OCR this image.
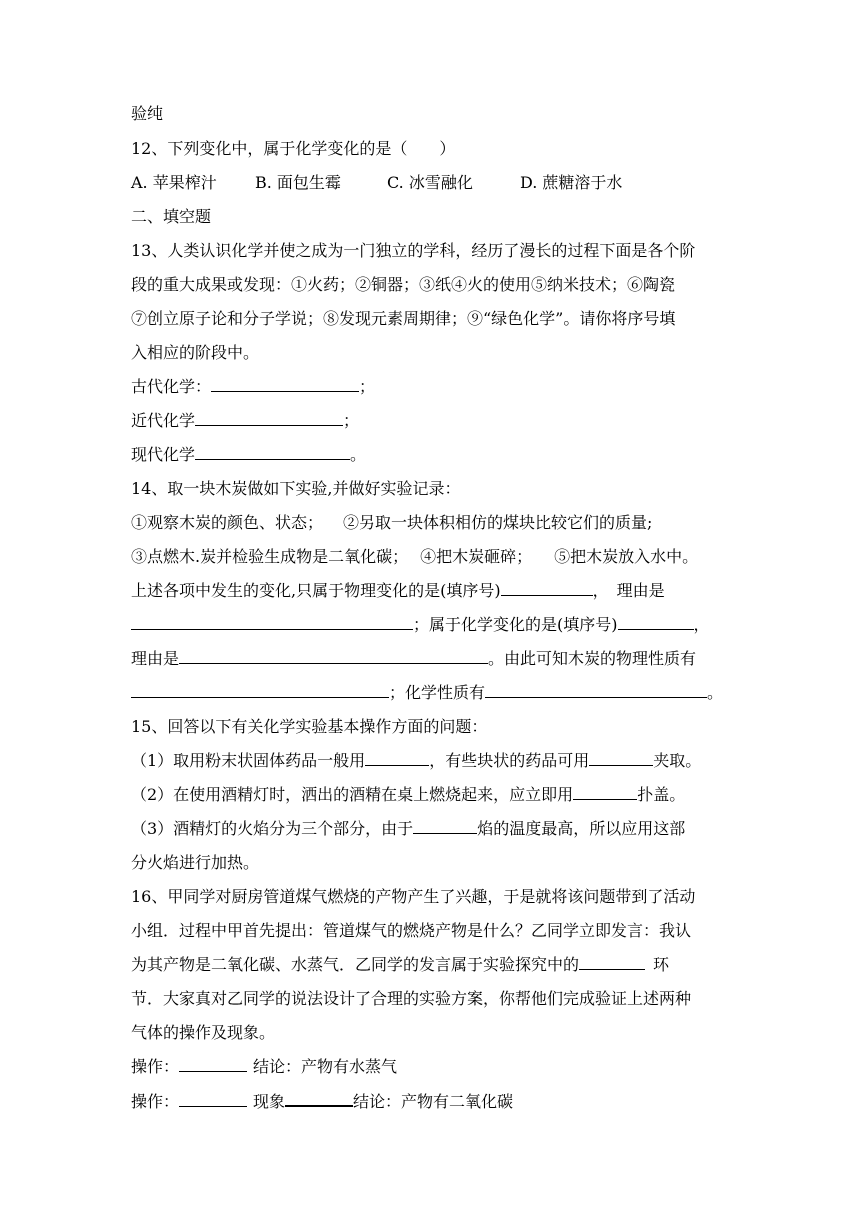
验纯
12、下列变化中，属于化学变化的是（　　）
A. 苹果榨汁 B. 面包生霉	C. 冰雪融化	D. 蔗糖溶于水
二、填空题
13、人类认识化学并使之成为一门独立的学科，经历了漫长的过程下面是各个阶
段的重大成果或发现：①火药；②铜器；③纸④火的使用⑤纳米技术；⑥陶瓷
⑦创立原子论和分子学说；⑧发现元素周期律；⑨“绿色化学”。请你将序号填
入相应的阶段中。
古代化学：	；
近代化学	；
现代化学	。
14、取一块木炭做如下实验,并做好实验记录：
①观察木炭的颜色、状态； ②另取一块体积相仿的煤块比较它们的质量;
③点燃木.炭并检验生成物是二氧化碳； ④把木炭砸碎； ⑤把木炭放入水中。
上述各项中发生的变化,只属于物理变化的是(填序号)	，　理由是
；属于化学变化的是(填序号)	，
理由是	。由此可知木炭的物理性质有
；化学性质有	。
15、回答以下有关化学实验基本操作方面的问题：
（1）取用粉末状固体药品一般用	，有些块状的药品可用	夹取。
（2）在使用酒精灯时，洒出的酒精在桌上燃烧起来，应立即用	扑盖。
（3）酒精灯的火焰分为三个部分，由于	焰的温度最高，所以应用这部
分火焰进行加热。
16、甲同学对厨房管道煤气燃烧的产物产生了兴趣，于是就将该问题带到了活动
小组．过程中甲首先提出：管道煤气的燃烧产物是什么？乙同学立即发言：我认
为其产物是二氧化碳、水蒸气．乙同学的发言属于实验探究中的	环
节．大家真对乙同学的说法设计了合理的实验方案，你帮他们完成验证上述两种
气体的操作及现象。
操作：	结论：产物有水蒸气
操作：	现象	结论：产物有二氧化碳
